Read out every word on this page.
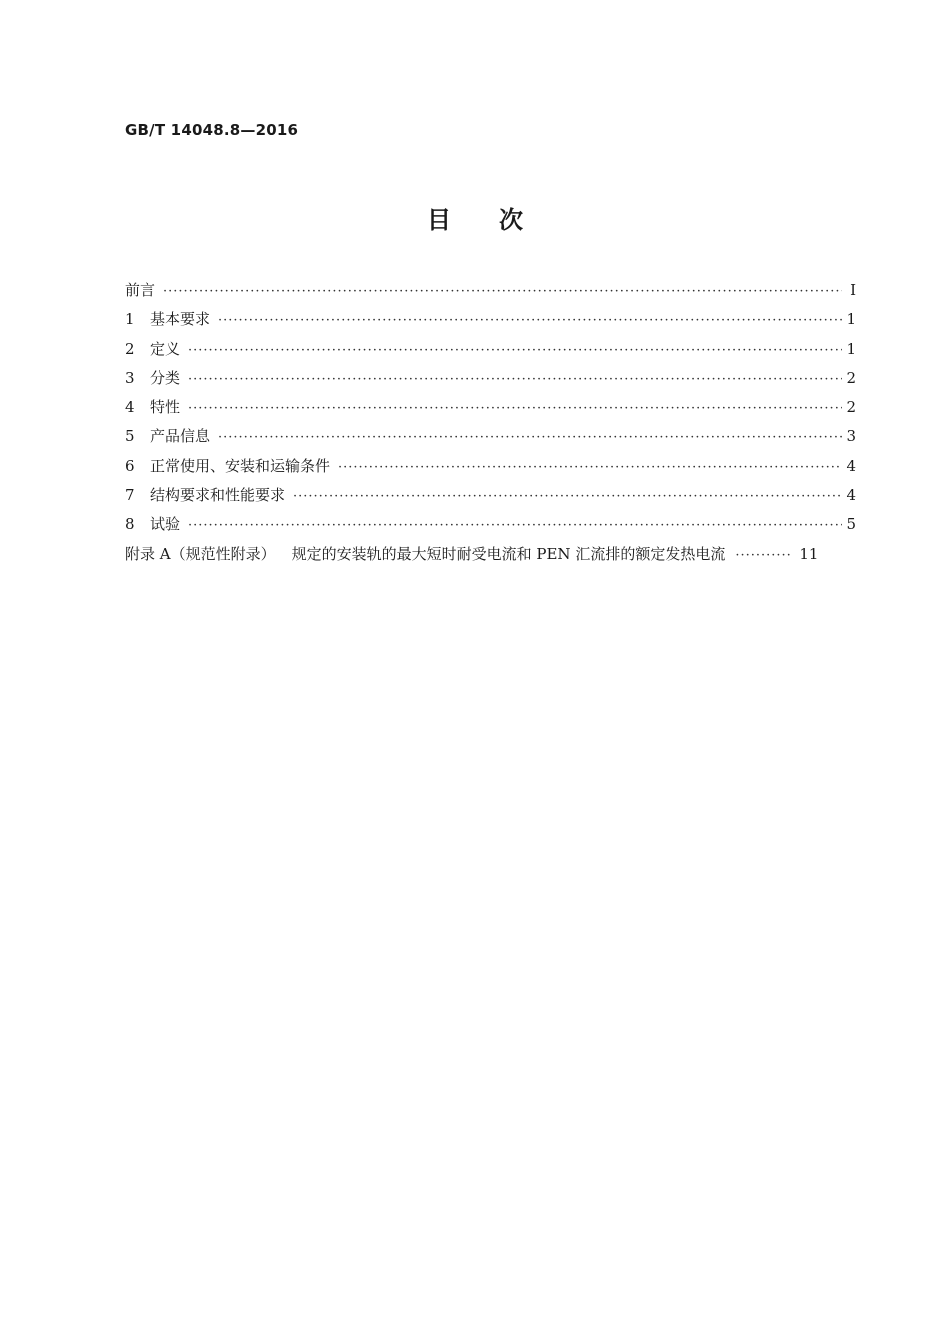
GB/T 14048.8—2016
目 次
前言 ·····	I
1	基本要求 ·····	1
2	定义 ·····	1
3	分类 ·····	2
4	特性 ·····	2
5	产品信息 ·····	3
6	正常使用、安装和运输条件 ·····	4
7	结构要求和性能要求 ·····	4
8	试验 ·····	5
附录 A（规范性附录） 规定的安装轨的最大短时耐受电流和 PEN 汇流排的额定发热电流 ·····	11
